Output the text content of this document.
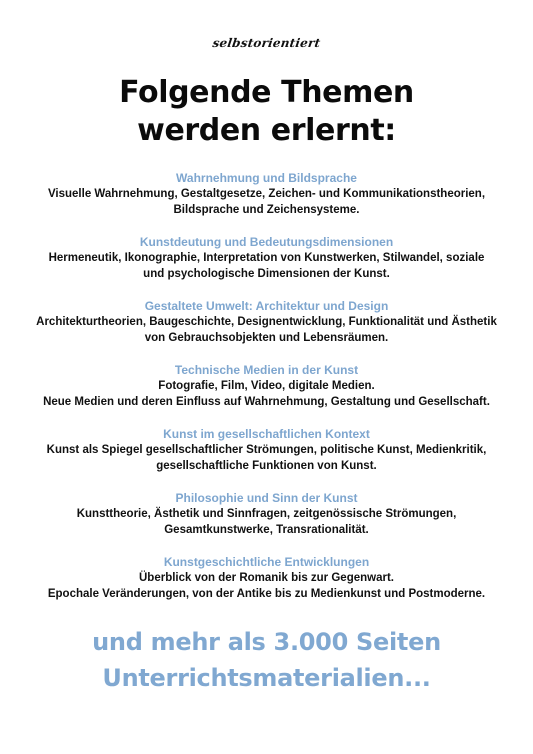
selbstorientiert
Folgende Themen
werden erlernt:
Wahrnehmung und Bildsprache
Visuelle Wahrnehmung, Gestaltgesetze, Zeichen- und Kommunikationstheorien,
Bildsprache und Zeichensysteme.
Kunstdeutung und Bedeutungsdimensionen
Hermeneutik, Ikonographie, Interpretation von Kunstwerken, Stilwandel, soziale
und psychologische Dimensionen der Kunst.
Gestaltete Umwelt: Architektur und Design
Architekturtheorien, Baugeschichte, Designentwicklung, Funktionalität und Ästhetik
von Gebrauchsobjekten und Lebensräumen.
Technische Medien in der Kunst
Fotografie, Film, Video, digitale Medien.
Neue Medien und deren Einfluss auf Wahrnehmung, Gestaltung und Gesellschaft.
Kunst im gesellschaftlichen Kontext
Kunst als Spiegel gesellschaftlicher Strömungen, politische Kunst, Medienkritik,
gesellschaftliche Funktionen von Kunst.
Philosophie und Sinn der Kunst
Kunsttheorie, Ästhetik und Sinnfragen, zeitgenössische Strömungen,
Gesamtkunstwerke, Transrationalität.
Kunstgeschichtliche Entwicklungen
Überblick von der Romanik bis zur Gegenwart.
Epochale Veränderungen, von der Antike bis zu Medienkunst und Postmoderne.
und mehr als 3.000 Seiten
Unterrichtsmaterialien...
